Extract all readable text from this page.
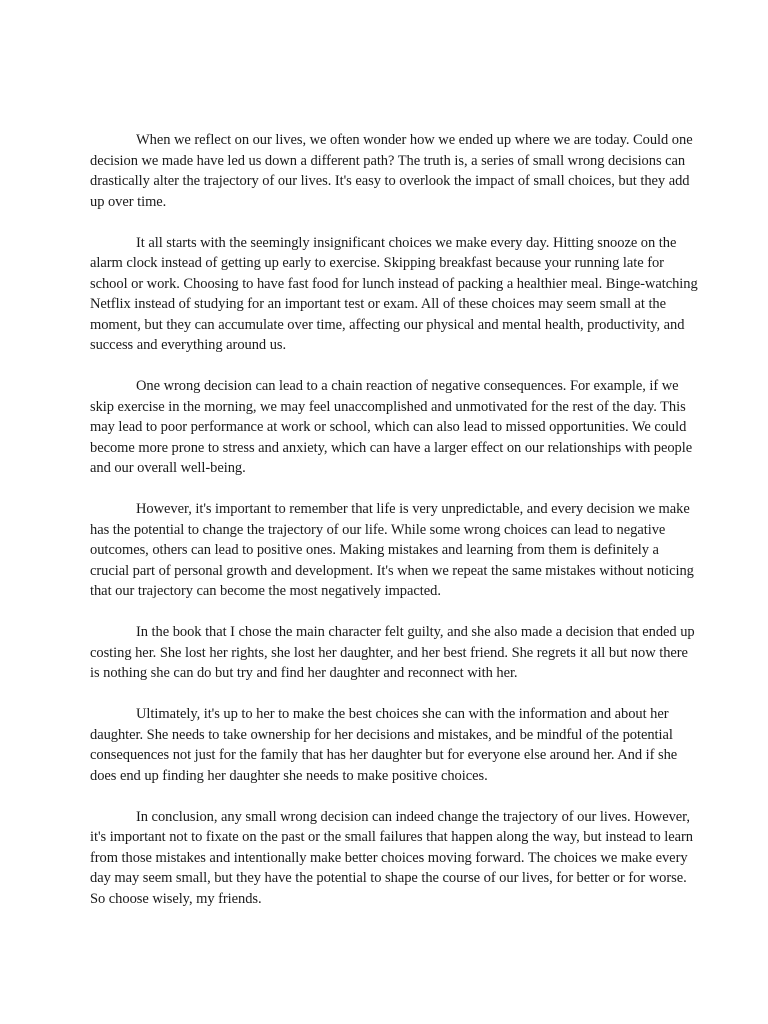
When we reflect on our lives, we often wonder how we ended up where we are today. Could one decision we made have led us down a different path? The truth is, a series of small wrong decisions can drastically alter the trajectory of our lives. It's easy to overlook the impact of small choices, but they add up over time.

It all starts with the seemingly insignificant choices we make every day. Hitting snooze on the alarm clock instead of getting up early to exercise. Skipping breakfast because your running late for school or work. Choosing to have fast food for lunch instead of packing a healthier meal. Binge-watching Netflix instead of studying for an important test or exam. All of these choices may seem small at the moment, but they can accumulate over time, affecting our physical and mental health, productivity, and success and everything around us.

One wrong decision can lead to a chain reaction of negative consequences. For example, if we skip exercise in the morning, we may feel unaccomplished and unmotivated for the rest of the day. This may lead to poor performance at work or school, which can also lead to missed opportunities. We could become more prone to stress and anxiety, which can have a larger effect on our relationships with people and our overall well-being.

However, it's important to remember that life is very unpredictable, and every decision we make has the potential to change the trajectory of our life. While some wrong choices can lead to negative outcomes, others can lead to positive ones. Making mistakes and learning from them is definitely a crucial part of personal growth and development. It's when we repeat the same mistakes without noticing that our trajectory can become the most negatively impacted.

In the book that I chose the main character felt guilty, and she also made a decision that ended up costing her. She lost her rights, she lost her daughter, and her best friend. She regrets it all but now there is nothing she can do but try and find her daughter and reconnect with her.

Ultimately, it's up to her to make the best choices she can with the information and about her daughter. She needs to take ownership for her decisions and mistakes, and be mindful of the potential consequences not just for the family that has her daughter but for everyone else around her. And if she does end up finding her daughter she needs to make positive choices.

In conclusion, any small wrong decision can indeed change the trajectory of our lives. However, it's important not to fixate on the past or the small failures that happen along the way, but instead to learn from those mistakes and intentionally make better choices moving forward. The choices we make every day may seem small, but they have the potential to shape the course of our lives, for better or for worse. So choose wisely, my friends.
